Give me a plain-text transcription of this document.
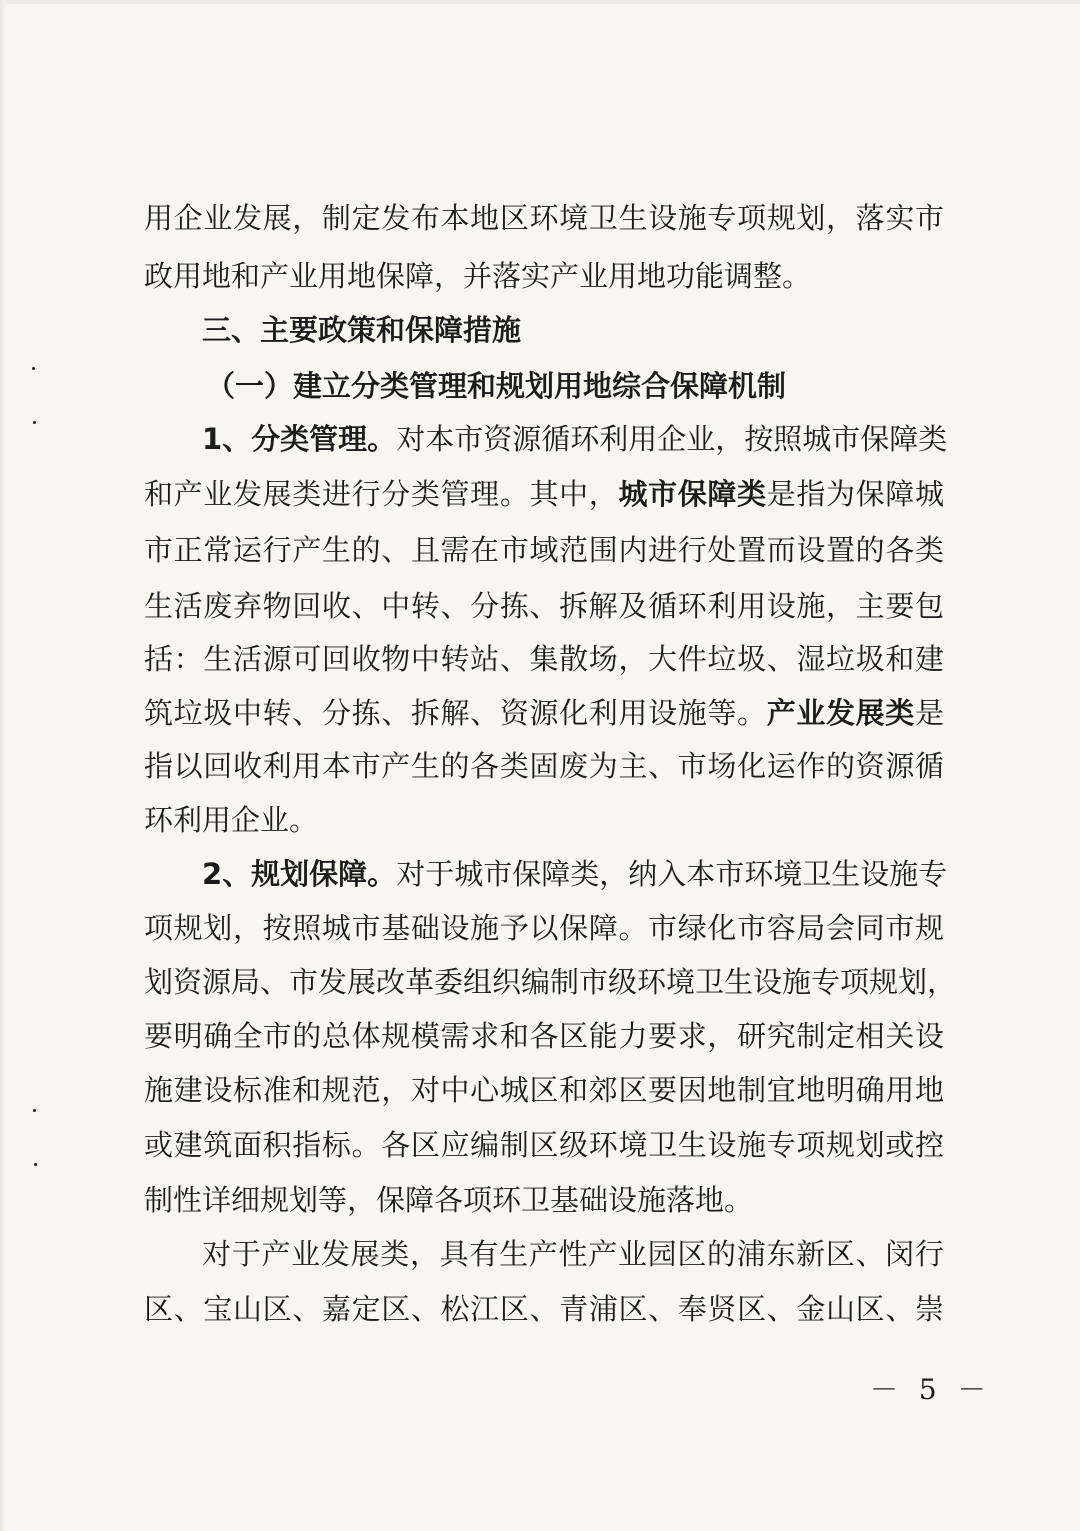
用企业发展，制定发布本地区环境卫生设施专项规划，落实市
政用地和产业用地保障，并落实产业用地功能调整。
三、主要政策和保障措施
（一）建立分类管理和规划用地综合保障机制
1、分类管理。对本市资源循环利用企业，按照城市保障类
和产业发展类进行分类管理。其中，城市保障类是指为保障城
市正常运行产生的、且需在市域范围内进行处置而设置的各类
生活废弃物回收、中转、分拣、拆解及循环利用设施，主要包
括：生活源可回收物中转站、集散场，大件垃圾、湿垃圾和建
筑垃圾中转、分拣、拆解、资源化利用设施等。产业发展类是
指以回收利用本市产生的各类固废为主、市场化运作的资源循
环利用企业。
2、规划保障。对于城市保障类，纳入本市环境卫生设施专
项规划，按照城市基础设施予以保障。市绿化市容局会同市规
划资源局、市发展改革委组织编制市级环境卫生设施专项规划，
要明确全市的总体规模需求和各区能力要求，研究制定相关设
施建设标准和规范，对中心城区和郊区要因地制宜地明确用地
或建筑面积指标。各区应编制区级环境卫生设施专项规划或控
制性详细规划等，保障各项环卫基础设施落地。
对于产业发展类，具有生产性产业园区的浦东新区、闵行
区、宝山区、嘉定区、松江区、青浦区、奉贤区、金山区、崇
－ 5 －
